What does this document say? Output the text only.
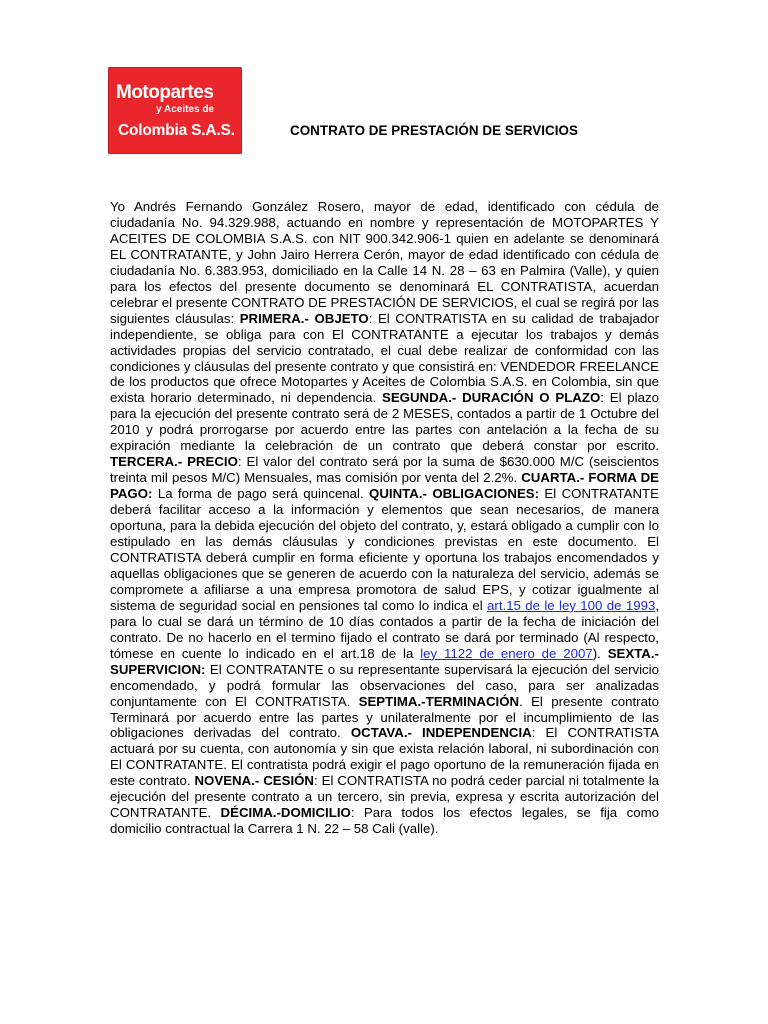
Motopartes
y Aceites de
Colombia S.A.S.	CONTRATO DE PRESTACIÓN DE SERVICIOS
Yo Andrés Fernando González Rosero, mayor de edad, identificado con cédula de ciudadanía No. 94.329.988, actuando en nombre y representación de MOTOPARTES Y ACEITES DE COLOMBIA S.A.S. con NIT 900.342.906-1 quien en adelante se denominará EL CONTRATANTE, y John Jairo Herrera Cerón, mayor de edad identificado con cédula de ciudadanía No. 6.383.953, domiciliado en la Calle 14 N. 28 – 63 en Palmira (Valle), y quien para los efectos del presente documento se denominará EL CONTRATISTA, acuerdan celebrar el presente CONTRATO DE PRESTACIÓN DE SERVICIOS, el cual se regirá por las siguientes cláusulas: PRIMERA.- OBJETO: El CONTRATISTA en su calidad de trabajador independiente, se obliga para con El CONTRATANTE a ejecutar los trabajos y demás actividades propias del servicio contratado, el cual debe realizar de conformidad con las condiciones y cláusulas del presente contrato y que consistirá en: VENDEDOR FREELANCE de los productos que ofrece Motopartes y Aceites de Colombia S.A.S. en Colombia, sin que exista horario determinado, ni dependencia. SEGUNDA.- DURACIÓN O PLAZO: El plazo para la ejecución del presente contrato será de 2 MESES, contados a partir de 1 Octubre del 2010 y podrá prorrogarse por acuerdo entre las partes con antelación a la fecha de su expiración mediante la celebración de un contrato que deberá constar por escrito. TERCERA.- PRECIO: El valor del contrato será por la suma de $630.000 M/C (seiscientos treinta mil pesos M/C) Mensuales, mas comisión por venta del 2.2%. CUARTA.- FORMA DE PAGO: La forma de pago será quincenal. QUINTA.- OBLIGACIONES: El CONTRATANTE deberá facilitar acceso a la información y elementos que sean necesarios, de manera oportuna, para la debida ejecución del objeto del contrato, y, estará obligado a cumplir con lo estipulado en las demás cláusulas y condiciones previstas en este documento. El CONTRATISTA deberá cumplir en forma eficiente y oportuna los trabajos encomendados y aquellas obligaciones que se generen de acuerdo con la naturaleza del servicio, además se compromete a afiliarse a una empresa promotora de salud EPS, y cotizar igualmente al sistema de seguridad social en pensiones tal como lo indica el art.15 de le ley 100 de 1993, para lo cual se dará un término de 10 días contados a partir de la fecha de iniciación del contrato. De no hacerlo en el termino fijado el contrato se dará por terminado (Al respecto, tómese en cuente lo indicado en el art.18 de la ley 1122 de enero de 2007). SEXTA.- SUPERVICION: El CONTRATANTE o su representante supervisará la ejecución del servicio encomendado, y podrá formular las observaciones del caso, para ser analizadas conjuntamente con El CONTRATISTA. SEPTIMA.-TERMINACIÓN. El presente contrato Terminará por acuerdo entre las partes y unilateralmente por el incumplimiento de las obligaciones derivadas del contrato. OCTAVA.- INDEPENDENCIA: El CONTRATISTA actuará por su cuenta, con autonomía y sin que exista relación laboral, ni subordinación con El CONTRATANTE. El contratista podrá exigir el pago oportuno de la remuneración fijada en este contrato. NOVENA.- CESIÓN: El CONTRATISTA no podrá ceder parcial ni totalmente la ejecución del presente contrato a un tercero, sin previa, expresa y escrita autorización del CONTRATANTE. DÉCIMA.-DOMICILIO: Para todos los efectos legales, se fija como domicilio contractual la Carrera 1 N. 22 – 58 Cali (valle).
